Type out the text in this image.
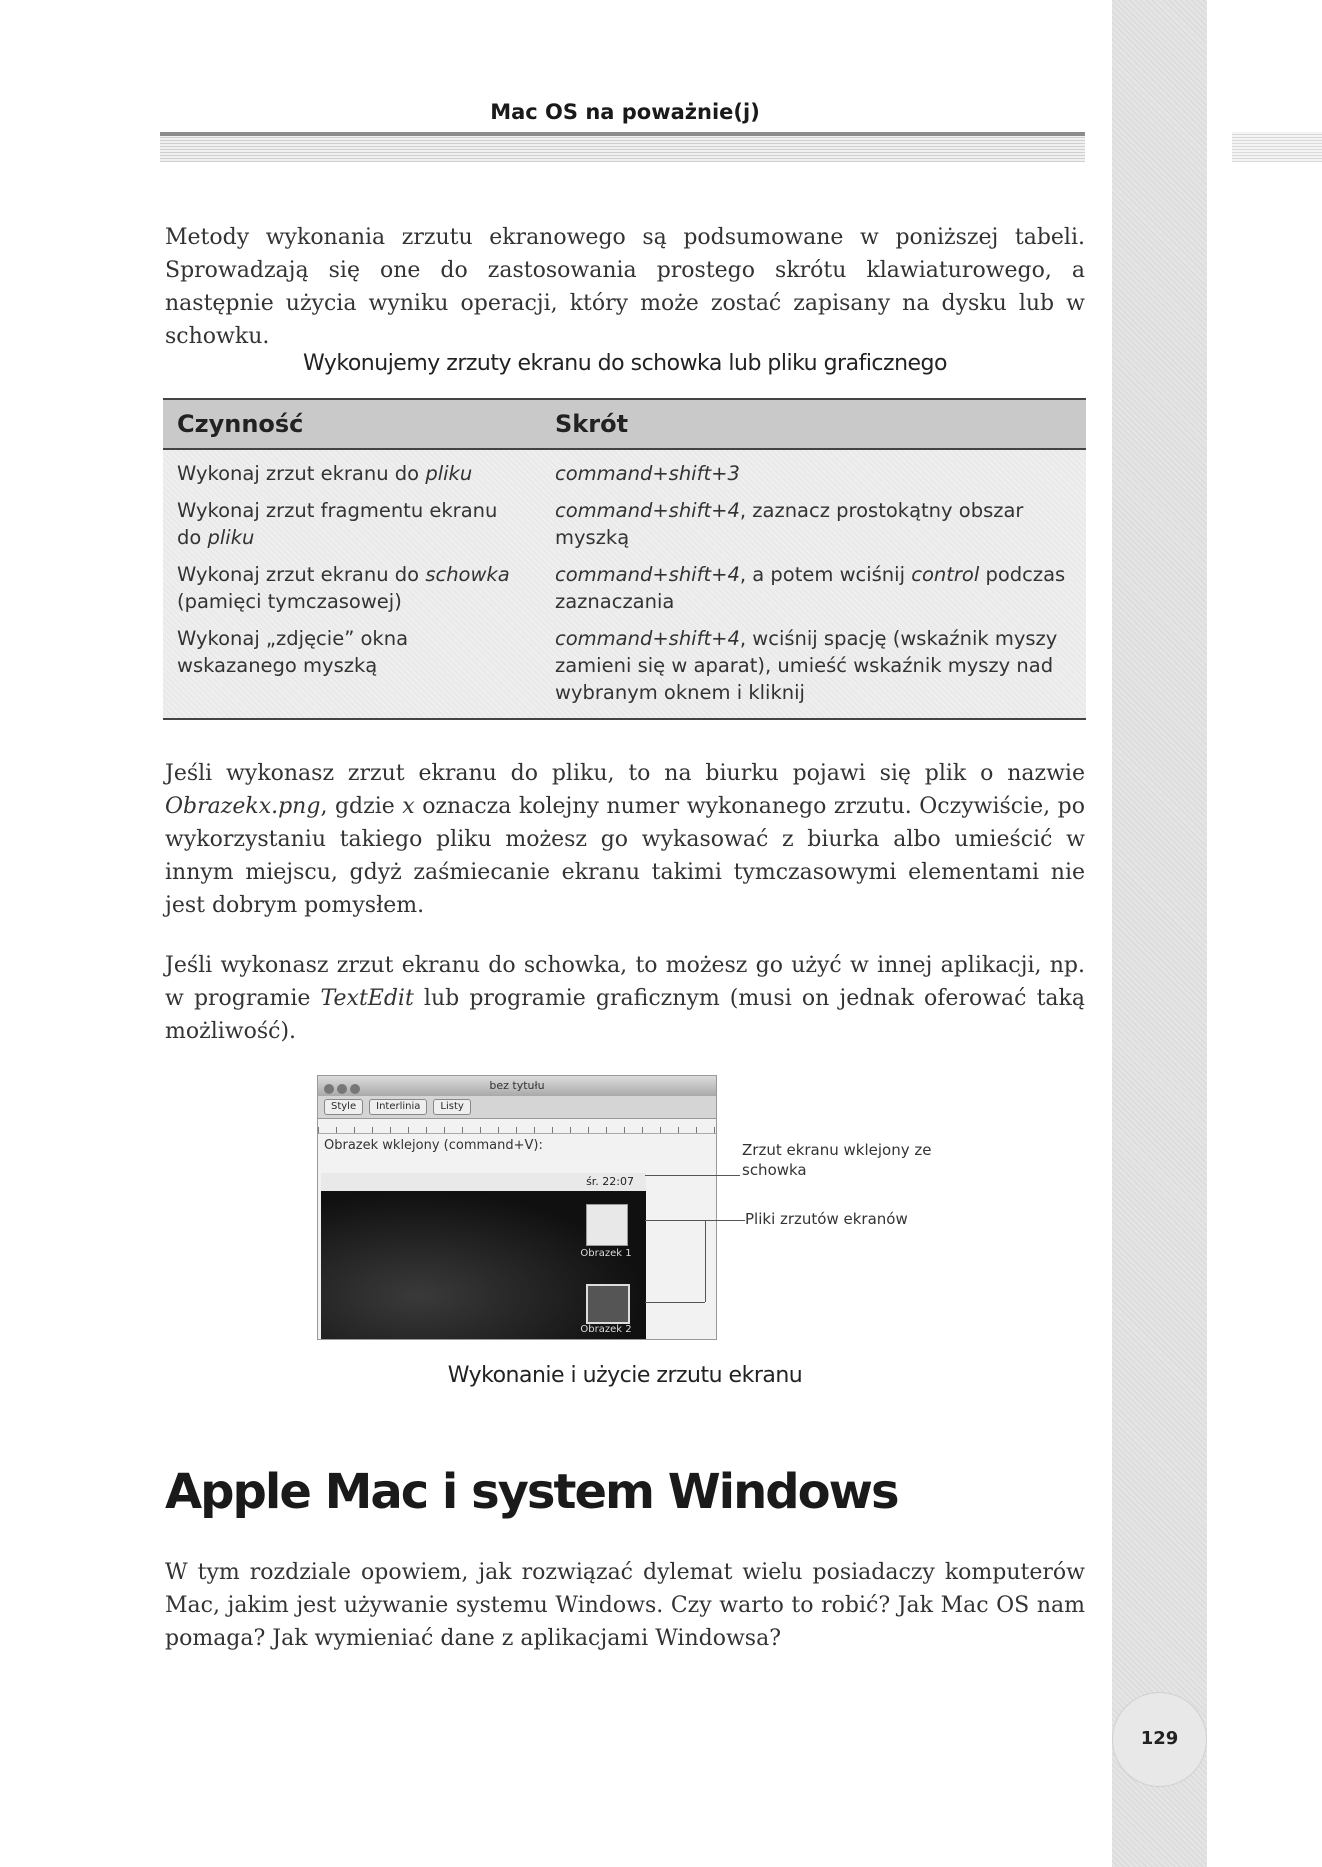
129
Mac OS na poważnie(j)

Metody wykonania zrzutu ekranowego są podsumowane w poniższej tabeli. Sprowadzają się one do zastosowania prostego skrótu klawiaturowego, a następnie użycia wyniku operacji, który może zostać zapisany na dysku lub w schowku.

Wykonujemy zrzuty ekranu do schowka lub pliku graficznego
Czynność	Skrót
Wykonaj zrzut ekranu do pliku	command+shift+3
Wykonaj zrzut fragmentu ekranu do pliku	command+shift+4, zaznacz prostokątny obszar myszką
Wykonaj zrzut ekranu do schowka (pamięci tymczasowej)	command+shift+4, a potem wciśnij control podczas zaznaczania
Wykonaj „zdjęcie” okna wskazanego myszką	command+shift+4, wciśnij spację (wskaźnik myszy zamieni się w aparat), umieść wskaźnik myszy nad wybranym oknem i kliknij

Jeśli wykonasz zrzut ekranu do pliku, to na biurku pojawi się plik o nazwie Obrazekx.png, gdzie x oznacza kolejny numer wykonanego zrzutu. Oczywiście, po wykorzystaniu takiego pliku możesz go wykasować z biurka albo umieścić w innym miejscu, gdyż zaśmiecanie ekranu takimi tymczasowymi elementami nie jest dobrym pomysłem.

Jeśli wykonasz zrzut ekranu do schowka, to możesz go użyć w innej aplikacji, np. w programie TextEdit lub programie graficznym (musi on jednak oferować taką możliwość).

bez tytułu
Style	Interlinia	Listy
Obrazek wklejony (command+V):
śr. 22:07
Obrazek 1
Obrazek 2
Zrzut ekranu wklejony ze schowka
Pliki zrzutów ekranów
Wykonanie i użycie zrzutu ekranu
Apple Mac i system Windows

W tym rozdziale opowiem, jak rozwiązać dylemat wielu posiadaczy komputerów Mac, jakim jest używanie systemu Windows. Czy warto to robić? Jak Mac OS nam pomaga? Jak wymieniać dane z aplikacjami Windowsa?
